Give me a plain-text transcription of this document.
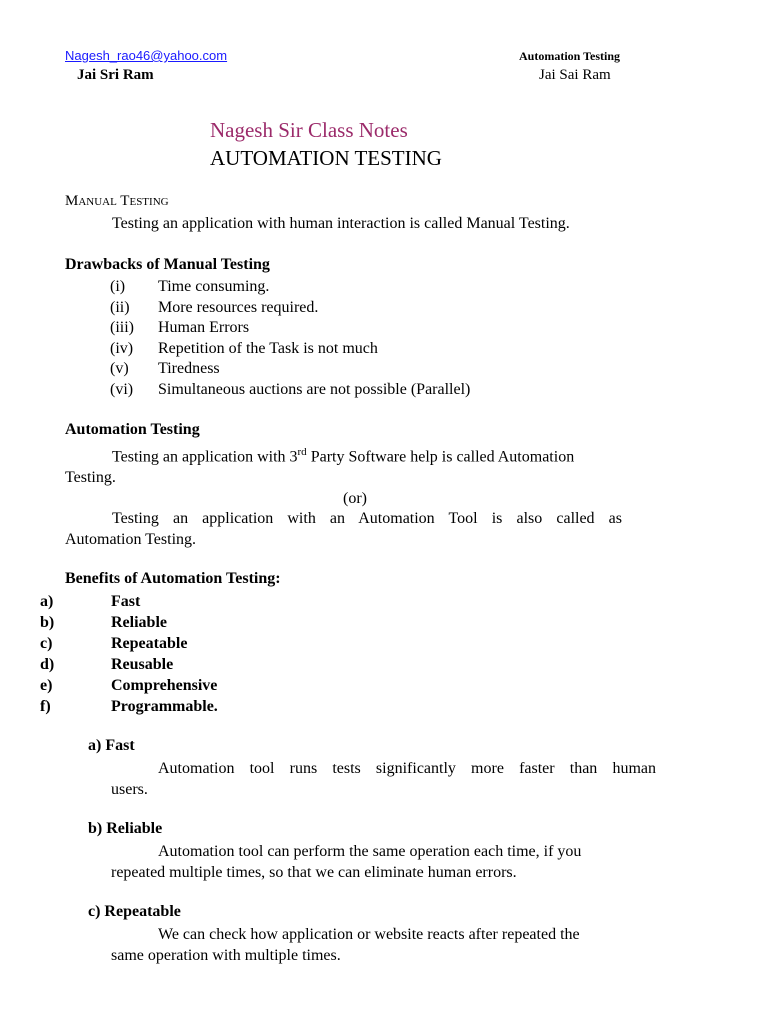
Nagesh_rao46@yahoo.com	Automation Testing
Jai Sri Ram	Jai Sai Ram
Nagesh Sir Class Notes
AUTOMATION TESTING
Manual Testing
Testing an application with human interaction is called Manual Testing.
Drawbacks of Manual Testing
(i)	Time consuming.
(ii)	More resources required.
(iii)	Human Errors
(iv)	Repetition of the Task is not much
(v)	Tiredness
(vi)	Simultaneous auctions are not possible (Parallel)
Automation Testing
Testing an application with 3rd Party Software help is called Automation
Testing.
(or)
Testing an application with an Automation Tool is also called as
Automation Testing.
Benefits of Automation Testing:
a)	Fast
b)	Reliable
c)	Repeatable
d)	Reusable
e)	Comprehensive
f)	Programmable.
a) Fast
Automation tool runs tests significantly more faster than human
users.
b) Reliable
Automation tool can perform the same operation each time, if you
repeated multiple times, so that we can eliminate human errors.
c) Repeatable
We can check how application or website reacts after repeated the
same operation with multiple times.
